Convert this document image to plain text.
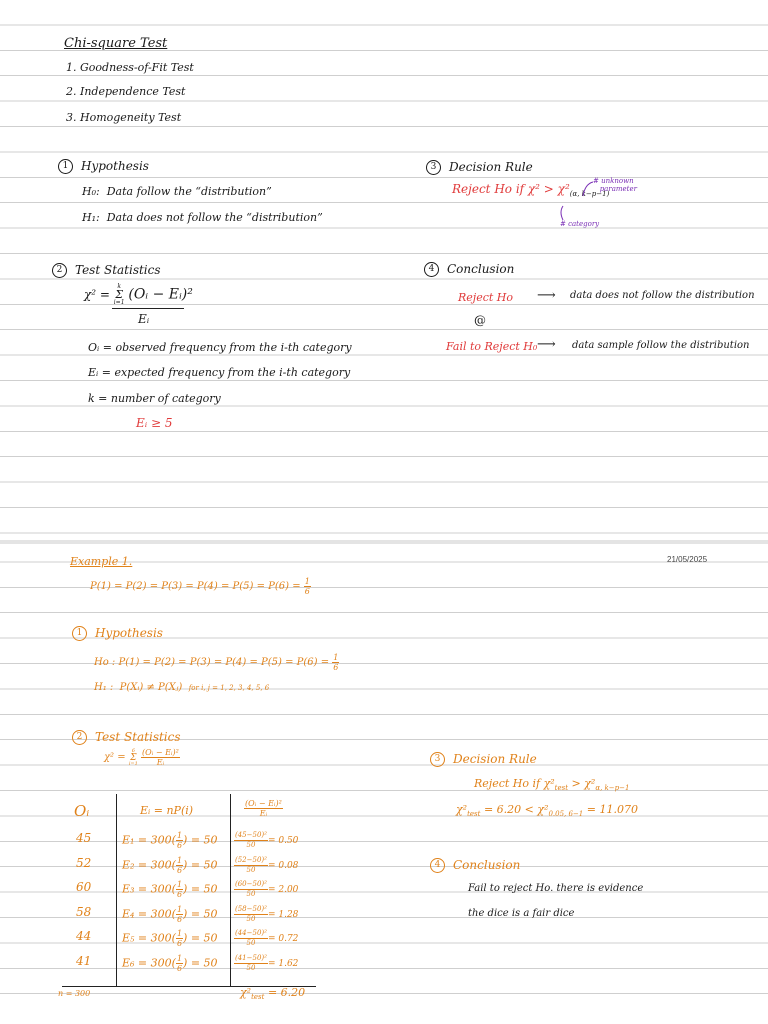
Chi-square Test
1. Goodness-of-Fit Test
2. Independence Test
3. Homogeneity Test
1 Hypothesis
H₀: Data follow the “distribution”
H₁: Data does not follow the “distribution”
3 Decision Rule
Reject Ho if $\chi^2 > \chi^2_{(\alpha, k-p-1)}$
# unknown
parameter
# category
2 Test Statistics
χ² =
k
Σ
i=1 (Oᵢ − Eᵢ)²
Eᵢ
Oᵢ = observed frequency from the i-th category
Eᵢ = expected frequency from the i-th category
k = number of category
Eᵢ ≥ 5
4 Conclusion
Reject Ho ⟶ data does not follow the distribution
@
Fail to Reject H₀ ⟶ data sample follow the distribution
Example 1.	21/05/2025
$P(1) = P(2) = P(3) = P(4) = P(5) = P(6) = \frac{1}{6}$
1 Hypothesis
Ho : $P(1) = P(2) = P(3) = P(4) = P(5) = P(6) = \frac{1}{6}$
H₁ : P(Xᵢ) ≠ P(Xⱼ) for i, j = 1, 2, 3, 4, 5, 6
2 Test Statistics
χ² =
6
Σ
i=1
$\frac{\text{(Oᵢ − Eᵢ)²}}{\text{Eᵢ}}$
Oᵢ	Eᵢ = nP(i)	$\frac{\text{(Oᵢ − Eᵢ)²}}{\text{Eᵢ}}$
n = 300	$\chi^2_{test} = 6.20$
3 Decision Rule
Reject Ho if $\chi^2_{test} > \chi^2_{\alpha, k-p-1}$
$\chi^2_{test} = 6.20 < \chi^2_{0.05, 6-1} = 11.070$
4 Conclusion
Fail to reject Ho. there is evidence
the dice is a fair dice
45	$E_1 = 300( \frac{1}{6}$ ) = $50 \frac{\text{(45−50)²}}{50} = 0.50$
52	$E_2 = 300( \frac{1}{6}$ ) = $50 \frac{\text{(52−50)²}}{50} = 0.08$
60	$E_3 = 300( \frac{1}{6}$ ) = $50 \frac{\text{(60−50)²}}{50} = 2.00$
58	$E_4 = 300( \frac{1}{6}$ ) = $50 \frac{\text{(58−50)²}}{50} = 1.28$
44	$E_5 = 300( \frac{1}{6}$ ) = $50 \frac{\text{(44−50)²}}{50} = 0.72$
41	$E_6 = 300( \frac{1}{6}$ ) = $50 \frac{\text{(41−50)²}}{50} = 1.62$
